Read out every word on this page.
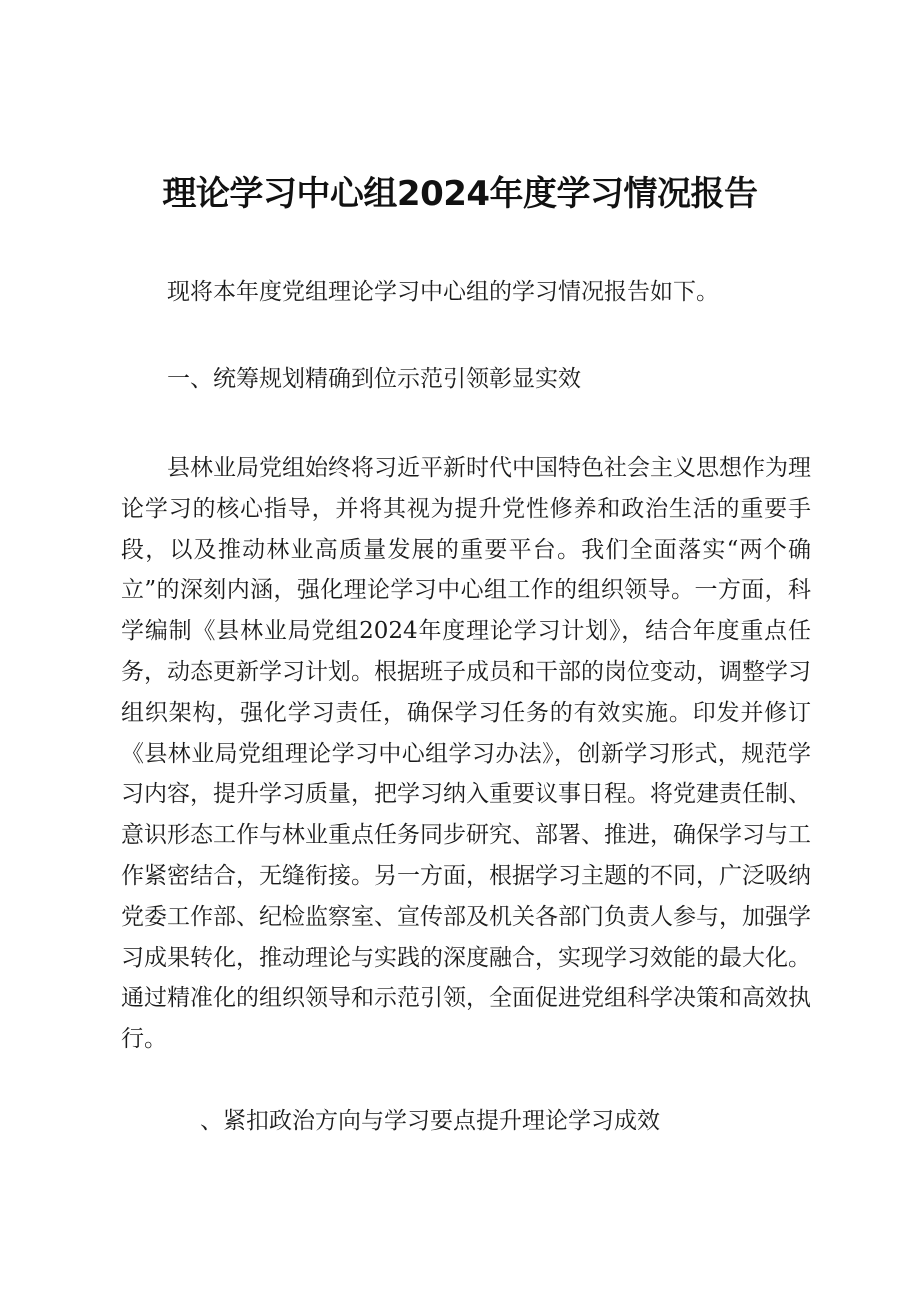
理论学习中心组2024年度学习情况报告

现将本年度党组理论学习中心组的学习情况报告如下。

一、统筹规划精确到位示范引领彰显实效

县林业局党组始终将习近平新时代中国特色社会主义思想作为理论学习的核心指导，并将其视为提升党性修养和政治生活的重要手段，以及推动林业高质量发展的重要平台。我们全面落实“两个确立”的深刻内涵，强化理论学习中心组工作的组织领导。一方面，科学编制《县林业局党组2024年度理论学习计划》，结合年度重点任务，动态更新学习计划。根据班子成员和干部的岗位变动，调整学习组织架构，强化学习责任，确保学习任务的有效实施。印发并修订《县林业局党组理论学习中心组学习办法》，创新学习形式，规范学习内容，提升学习质量，把学习纳入重要议事日程。将党建责任制、意识形态工作与林业重点任务同步研究、部署、推进，确保学习与工作紧密结合，无缝衔接。另一方面，根据学习主题的不同，广泛吸纳党委工作部、纪检监察室、宣传部及机关各部门负责人参与，加强学习成果转化，推动理论与实践的深度融合，实现学习效能的最大化。通过精准化的组织领导和示范引领，全面促进党组科学决策和高效执行。

、紧扣政治方向与学习要点提升理论学习成效
